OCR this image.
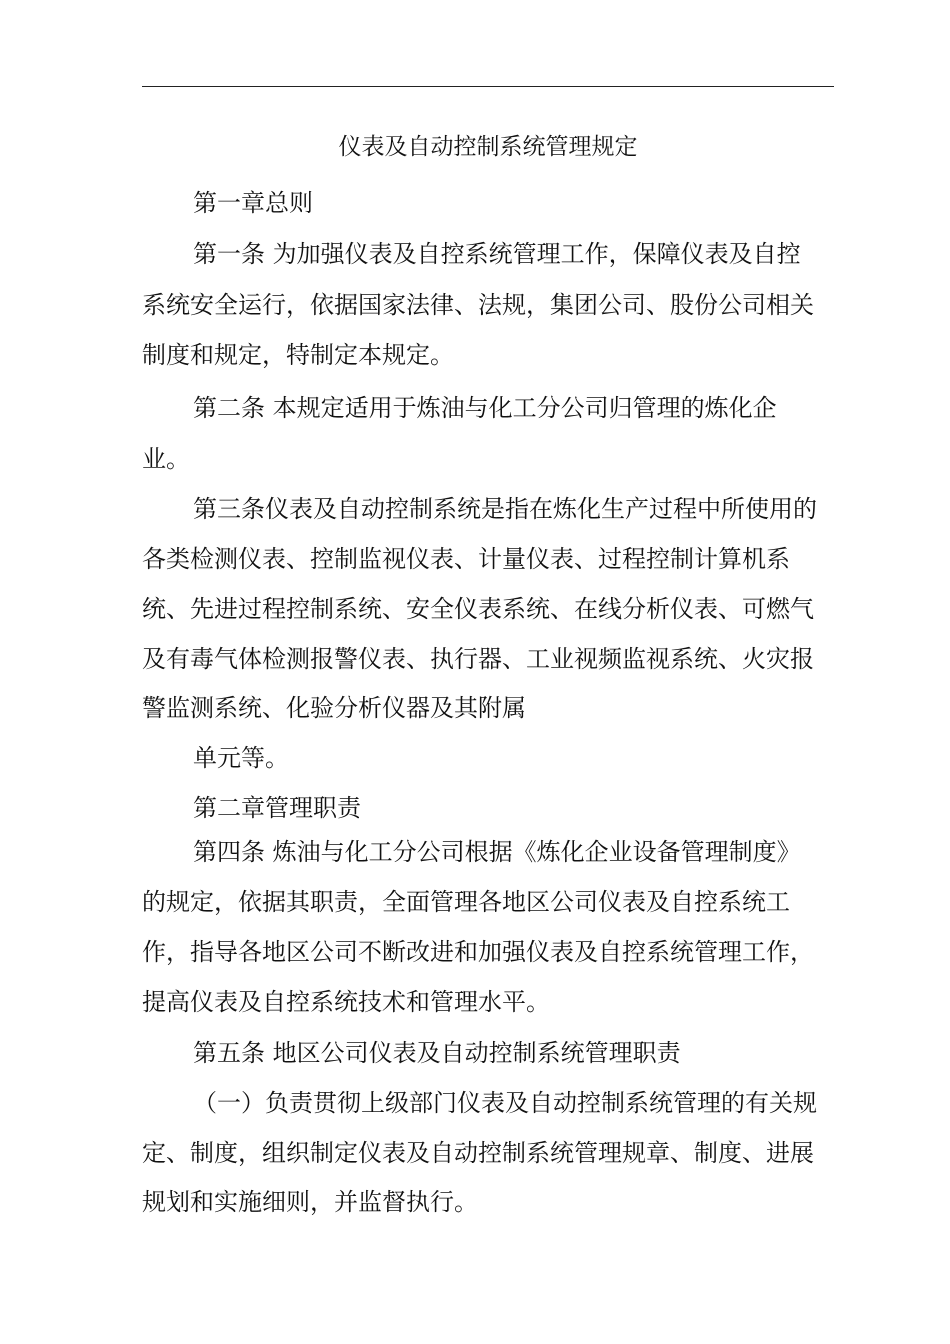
仪表及自动控制系统管理规定
第一章总则
第一条 为加强仪表及自控系统管理工作，保障仪表及自控
系统安全运行，依据国家法律、法规，集团公司、股份公司相关
制度和规定，特制定本规定。
第二条 本规定适用于炼油与化工分公司归管理的炼化企
业。
第三条仪表及自动控制系统是指在炼化生产过程中所使用的
各类检测仪表、控制监视仪表、计量仪表、过程控制计算机系
统、先进过程控制系统、安全仪表系统、在线分析仪表、可燃气
及有毒气体检测报警仪表、执行器、工业视频监视系统、火灾报
警监测系统、化验分析仪器及其附属
单元等。
第二章管理职责
第四条 炼油与化工分公司根据《炼化企业设备管理制度》
的规定，依据其职责，全面管理各地区公司仪表及自控系统工
作，指导各地区公司不断改进和加强仪表及自控系统管理工作，
提高仪表及自控系统技术和管理水平。
第五条 地区公司仪表及自动控制系统管理职责
（一）负责贯彻上级部门仪表及自动控制系统管理的有关规
定、制度，组织制定仪表及自动控制系统管理规章、制度、进展
规划和实施细则，并监督执行。
